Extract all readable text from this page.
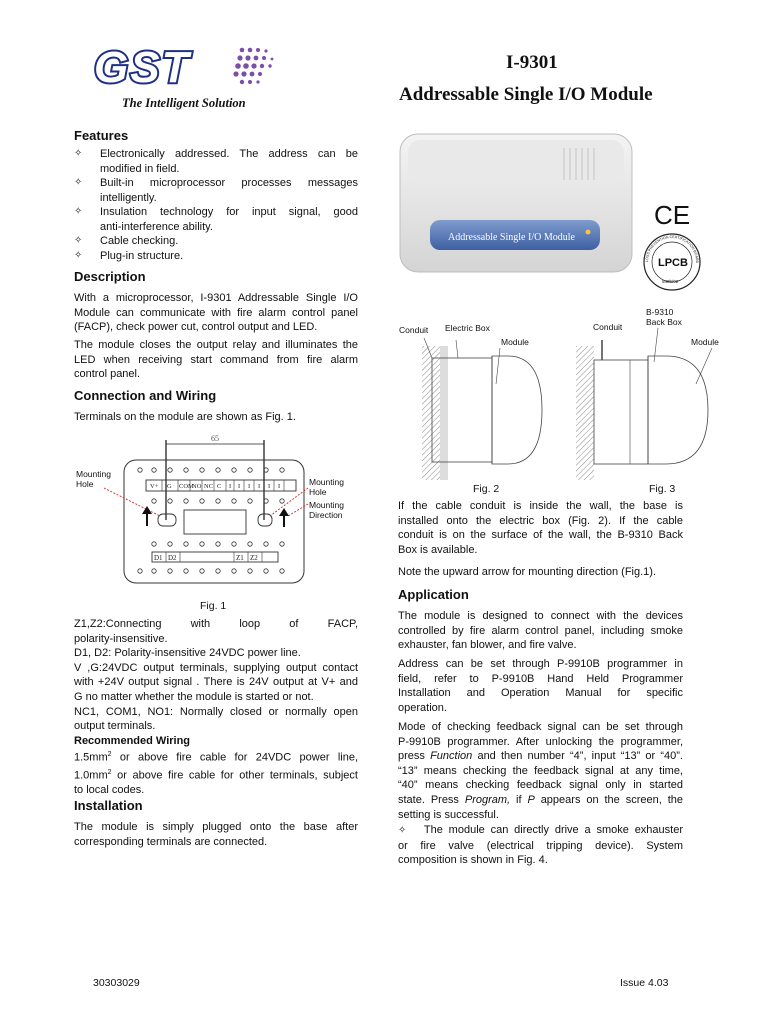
GST
The Intelligent Solution
I-9301
Addressable Single I/O Module
Features
✧ Electronically addressed. The address can be
modified in field.
✧ Built-in microprocessor processes messages
intelligently.
✧ Insulation technology for input signal, good
anti-interference ability.
✧ Cable checking.
✧ Plug-in structure.
Description
With a microprocessor, I-9301 Addressable Single I/O
Module can communicate with fire alarm control panel
(FACP), check power cut, control output and LED.
The module closes the output relay and illuminates the
LED when receiving start command from fire alarm
control panel.
Connection and Wiring
Terminals on the module are shown as Fig. 1.
65
V+ G COM
NO NC C I I I I I I
D1 D2	Z1 Z2
Mounting
Hole	Mounting
Hole
Mounting
Direction
Fig. 1
Z1,Z2:Connecting with loop of FACP,
polarity-insensitive.
D1, D2: Polarity-insensitive 24VDC power line.
V ,G:24VDC output terminals, supplying output contact
with +24V output signal . There is 24V output at V+ and
G no matter whether the module is started or not.
NC1, COM1, NO1: Normally closed or normally open
output terminals.
Recommended Wiring
$1.5mm^2$ or above fire cable for 24VDC power line,
$1.0mm^2$ or above fire cable for other terminals, subject
to local codes.
Installation
The module is simply plugged onto the base after
corresponding terminals are connected.
Addressable Single I/O Module
CE
LOSS PREVENTION CERTIFICATION BOARD
LPCB
548b/02
Conduit Electric Box
Module
Conduit
B-9310
Back Box
Module
Fig. 2	Fig. 3
If the cable conduit is inside the wall, the base is
installed onto the electric box (Fig. 2). If the cable
conduit is on the surface of the wall, the B-9310 Back
Box is available.
Note the upward arrow for mounting direction (Fig.1).
Application
The module is designed to connect with the devices
controlled by fire alarm control panel, including smoke
exhauster, fan blower, and fire valve.
Address can be set through P-9910B programmer in
field, refer to P-9910B Hand Held Programmer
Installation and Operation Manual for specific
operation.
Mode of checking feedback signal can be set through
P-9910B programmer. After unlocking the programmer,
press Function and then number “4”, input “13” or “40”.
“13” means checking the feedback signal at any time,
“40” means checking feedback signal only in started
state. Press Program, if P appears on the screen, the
setting is successful.
✧ The module can directly drive a smoke exhauster
or fire valve (electrical tripping device). System
composition is shown in Fig. 4.
30303029	Issue 4.03
